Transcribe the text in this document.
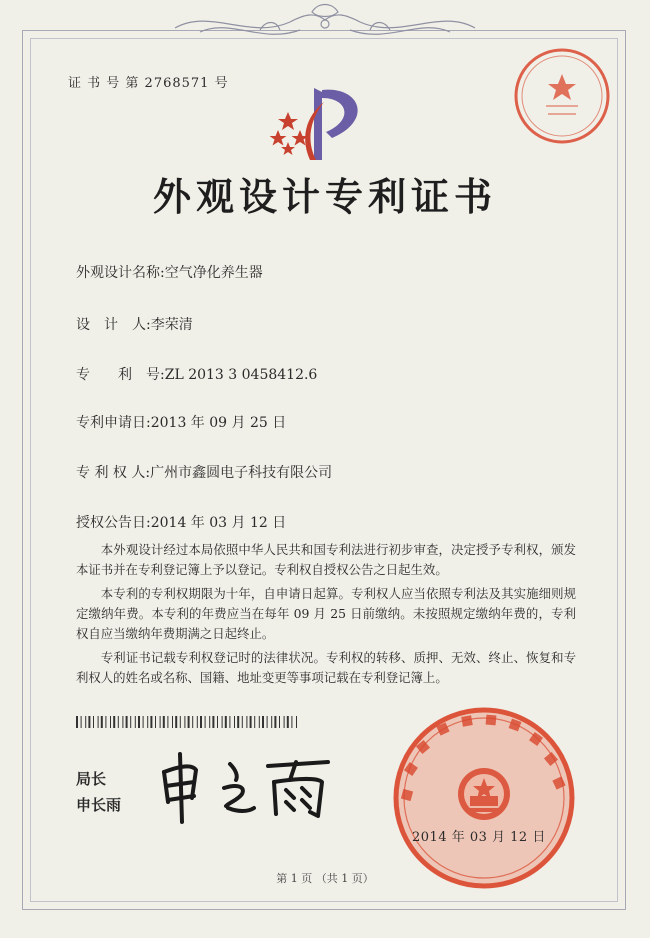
证 书 号 第 2768571 号
外观设计专利证书
外观设计名称:空气净化养生器
设　计　人:李荣清
专　　利　号:ZL 2013 3 0458412.6
专利申请日:2013 年 09 月 25 日
专 利 权 人:广州市鑫圆电子科技有限公司
授权公告日:2014 年 03 月 12 日

本外观设计经过本局依照中华人民共和国专利法进行初步审查，决定授予专利权，颁发本证书并在专利登记簿上予以登记。专利权自授权公告之日起生效。

本专利的专利权期限为十年，自申请日起算。专利权人应当依照专利法及其实施细则规定缴纳年费。本专利的年费应当在每年 09 月 25 日前缴纳。未按照规定缴纳年费的，专利权自应当缴纳年费期满之日起终止。

专利证书记载专利权登记时的法律状况。专利权的转移、质押、无效、终止、恢复和专利权人的姓名或名称、国籍、地址变更等事项记载在专利登记簿上。

局长
申长雨
2014 年 03 月 12 日
第 1 页 （共 1 页）
